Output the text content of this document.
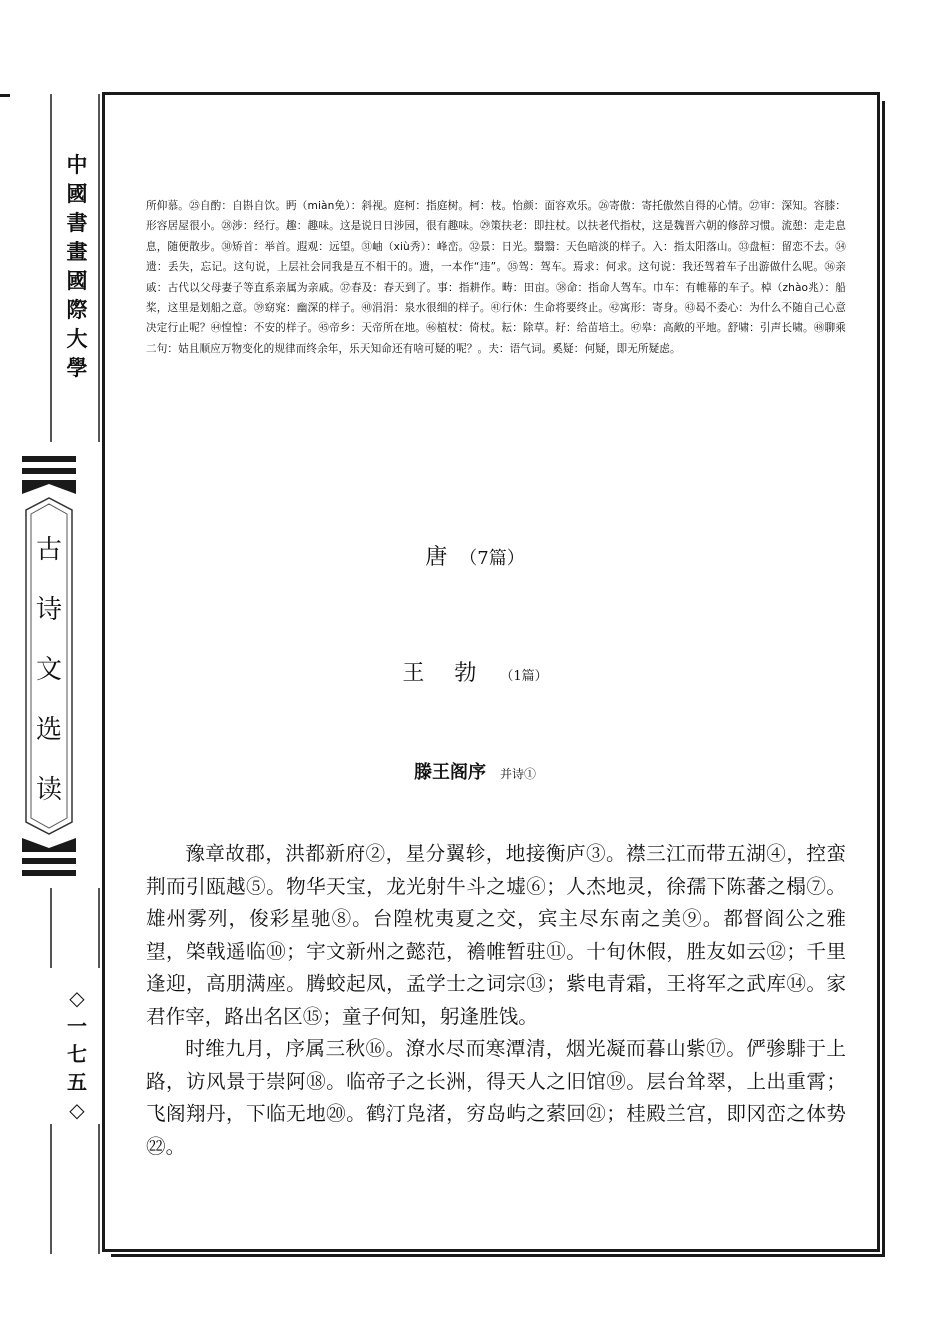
中
國
書
畫
國
際
大
學
古
诗
文
选
读
◇
一
七
五
◇

所仰慕。㉕自酌：自斟自饮。眄（miàn免）：斜视。庭柯：指庭树。柯：枝。怡颜：面容欢乐。㉖寄傲：寄托傲然自得的心情。㉗审：深知。容膝：形容居屋很小。㉘涉：经行。趣：趣味。这是说日日涉园，很有趣味。㉙策扶老：即拄杖。以扶老代指杖，这是魏晋六朝的修辞习惯。流憩：走走息息，随便散步。㉚矫首：举首。遐观：远望。㉛岫（xiù秀）：峰峦。㉜景：日光。翳翳：天色暗淡的样子。入：指太阳落山。㉝盘桓：留恋不去。㉞遗：丢失，忘记。这句说，上层社会同我是互不相干的。遗，一本作“违”。㉟驾：驾车。焉求：何求。这句说：我还驾着车子出游做什么呢。㊱亲戚：古代以父母妻子等直系亲属为亲戚。㊲春及：春天到了。事：指耕作。畴：田亩。㊳命：指命人驾车。巾车：有帷幕的车子。棹（zhào兆）：船桨，这里是划船之意。㊴窈窕：幽深的样子。㊵涓涓：泉水很细的样子。㊶行休：生命将要终止。㊷寓形：寄身。㊸曷不委心：为什么不随自己心意决定行止呢？㊹惶惶：不安的样子。㊺帝乡：天帝所在地。㊻植杖：倚杖。耘：除草。耔：给苗培土。㊼皋：高敞的平地。舒啸：引声长啸。㊽聊乘二句：姑且顺应万物变化的规律而终余年，乐天知命还有啥可疑的呢？。夫：语气词。奚疑：何疑，即无所疑虑。

唐 （7篇）
王勃（1篇）
滕王阁序 并诗①

豫章故郡，洪都新府②，星分翼轸，地接衡庐③。襟三江而带五湖④，控蛮荆而引瓯越⑤。物华天宝，龙光射牛斗之墟⑥；人杰地灵，徐孺下陈蕃之榻⑦。雄州雾列，俊彩星驰⑧。台隍枕夷夏之交，宾主尽东南之美⑨。都督阎公之雅望，棨戟遥临⑩；宇文新州之懿范，襜帷暂驻⑪。十旬休假，胜友如云⑫；千里逢迎，高朋满座。腾蛟起凤，孟学士之词宗⑬；紫电青霜，王将军之武库⑭。家君作宰，路出名区⑮；童子何知，躬逢胜饯。

时维九月，序属三秋⑯。潦水尽而寒潭清，烟光凝而暮山紫⑰。俨骖騑于上路，访风景于崇阿⑱。临帝子之长洲，得天人之旧馆⑲。层台耸翠，上出重霄；飞阁翔丹，下临无地⑳。鹤汀凫渚，穷岛屿之萦回㉑；桂殿兰宫，即冈峦之体势㉒。
